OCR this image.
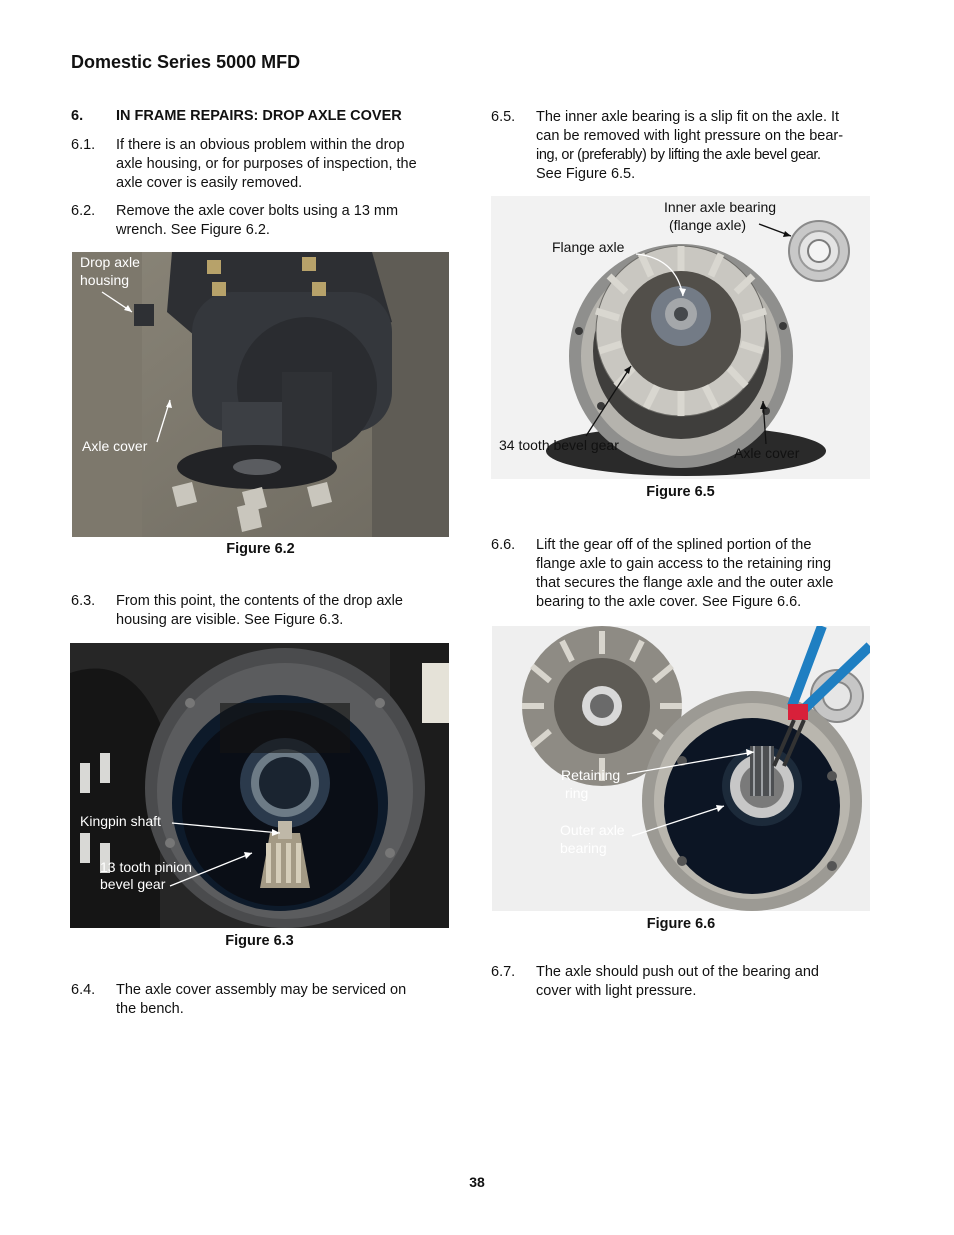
Domestic Series 5000 MFD
6. IN FRAME REPAIRS: DROP AXLE COVER
6.1. If there is an obvious problem within the drop
axle housing, or for purposes of inspection, the
axle cover is easily removed.
6.2. Remove the axle cover bolts using a 13 mm
wrench. See Figure 6.2.
Drop axle
housing
Axle cover
Figure 6.2
6.3. From this point, the contents of the drop axle
housing are visible. See Figure 6.3.
Kingpin shaft
13 tooth pinion
bevel gear
Figure 6.3
6.4. The axle cover assembly may be serviced on
the bench.
6.5. The inner axle bearing is a slip fit on the axle. It
can be removed with light pressure on the bear-
ing, or (preferably) by lifting the axle bevel gear.
See Figure 6.5.
Inner axle bearing
(flange axle)
Flange axle
34 tooth bevel gear	Axle cover
Figure 6.5
6.6. Lift the gear off of the splined portion of the
flange axle to gain access to the retaining ring
that secures the flange axle and the outer axle
bearing to the axle cover. See Figure 6.6.
Retaining
ring
Outer axle
bearing
Figure 6.6
6.7. The axle should push out of the bearing and
cover with light pressure.
38
